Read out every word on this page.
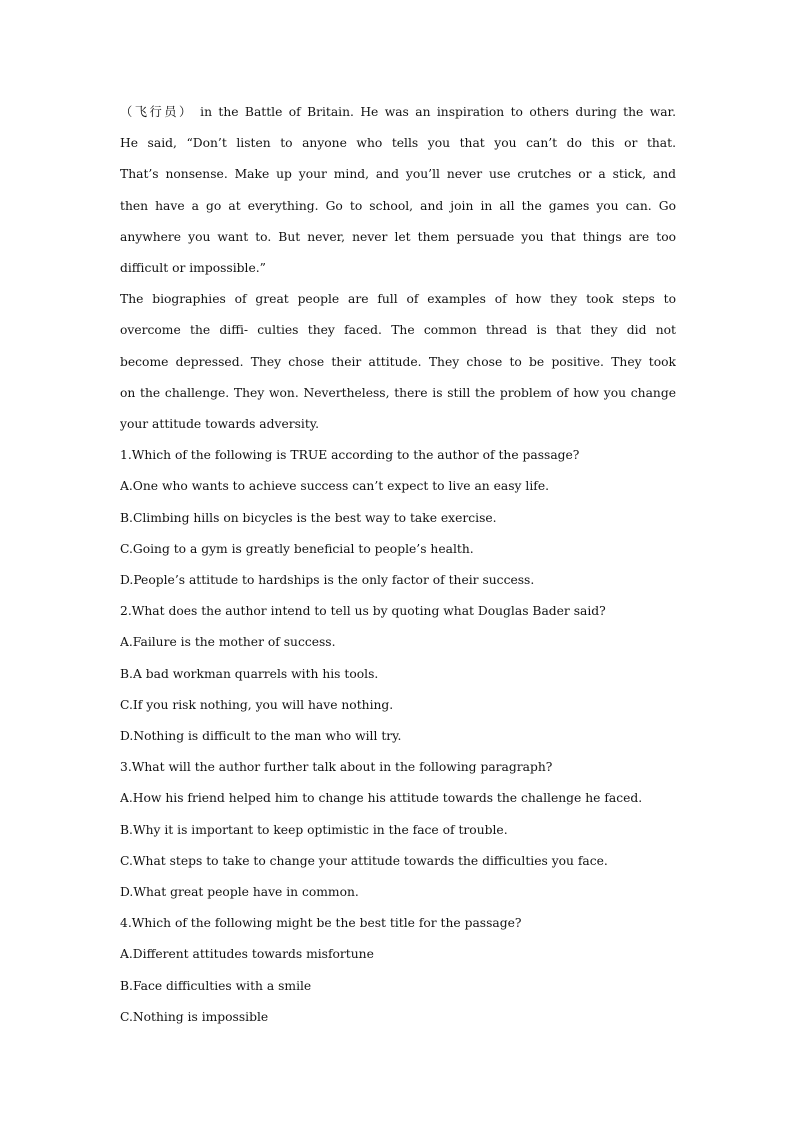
（飞行员） in the Battle of Britain. He was an inspiration to others during the war.
He said, “Don’t listen to anyone who tells you that you can’t do this or that.
That’s nonsense. Make up your mind, and you’ll never use crutches or a stick, and
then have a go at everything. Go to school, and join in all the games you can. Go
anywhere you want to. But never, never let them persuade you that things are too
difficult or impossible.”
The biographies of great people are full of examples of how they took steps to
overcome the diffi- culties they faced. The common thread is that they did not
become depressed. They chose their attitude. They chose to be positive. They took
on the challenge. They won. Nevertheless, there is still the problem of how you change
your attitude towards adversity.
1.Which of the following is TRUE according to the author of the passage?
A.One who wants to achieve success can’t expect to live an easy life.
B.Climbing hills on bicycles is the best way to take exercise.
C.Going to a gym is greatly beneficial to people’s health.
D.People’s attitude to hardships is the only factor of their success.
2.What does the author intend to tell us by quoting what Douglas Bader said?
A.Failure is the mother of success.
B.A bad workman quarrels with his tools.
C.If you risk nothing, you will have nothing.
D.Nothing is difficult to the man who will try.
3.What will the author further talk about in the following paragraph?
A.How his friend helped him to change his attitude towards the challenge he faced.
B.Why it is important to keep optimistic in the face of trouble.
C.What steps to take to change your attitude towards the difficulties you face.
D.What great people have in common.
4.Which of the following might be the best title for the passage?
A.Different attitudes towards misfortune
B.Face difficulties with a smile
C.Nothing is impossible
